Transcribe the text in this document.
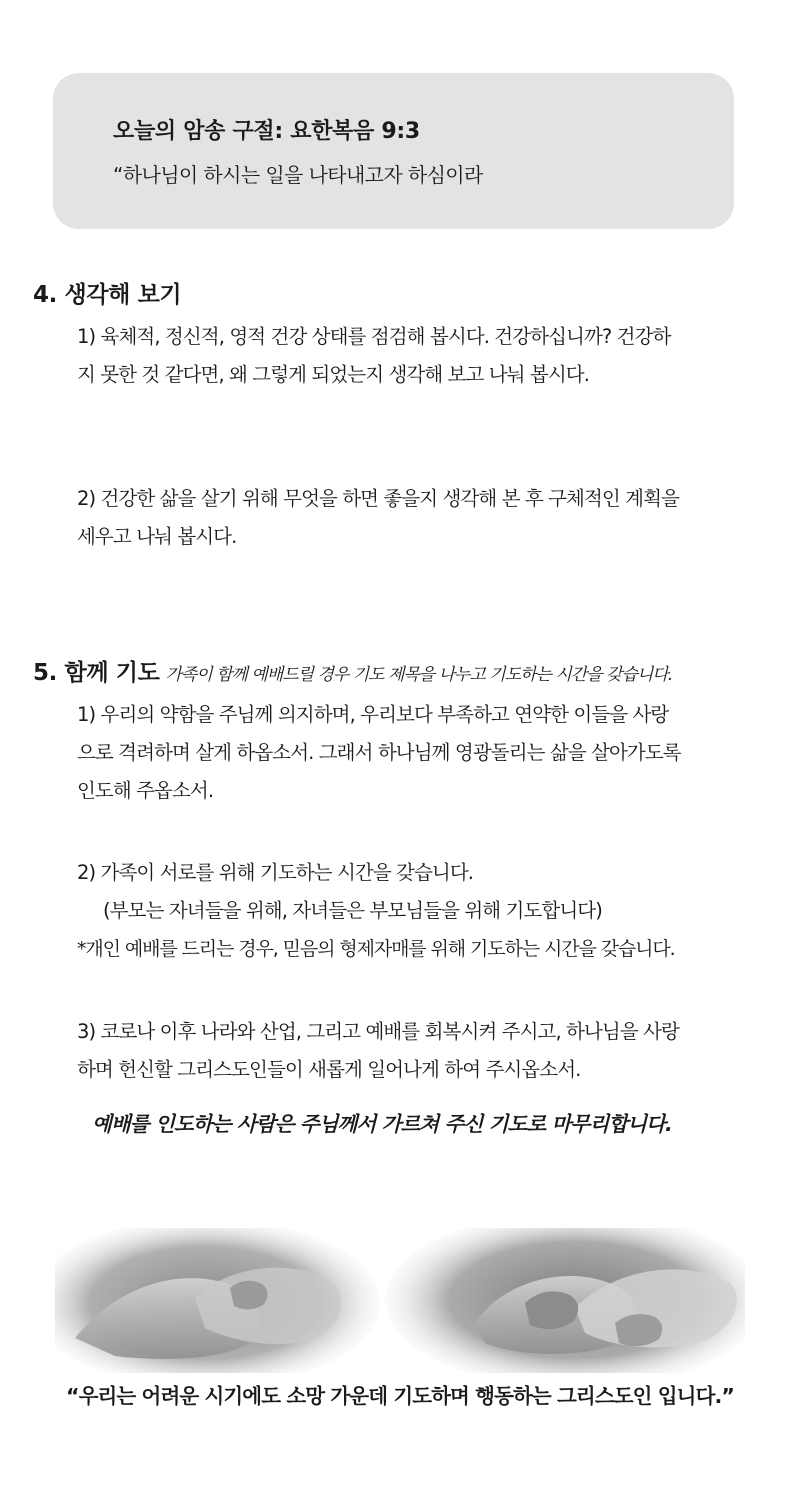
오늘의 암송 구절: 요한복음 9:3
“하나님이 하시는 일을 나타내고자 하심이라
4. 생각해 보기
1) 육체적, 정신적, 영적 건강 상태를 점검해 봅시다. 건강하십니까? 건강하
지 못한 것 같다면, 왜 그렇게 되었는지 생각해 보고 나눠 봅시다.
2) 건강한 삶을 살기 위해 무엇을 하면 좋을지 생각해 본 후 구체적인 계획을
세우고 나눠 봅시다.
5. 함께 기도 가족이 함께 예배드릴 경우 기도 제목을 나누고 기도하는 시간을 갖습니다.
1) 우리의 약함을 주님께 의지하며, 우리보다 부족하고 연약한 이들을 사랑
으로 격려하며 살게 하옵소서. 그래서 하나님께 영광돌리는 삶을 살아가도록
인도해 주옵소서.
2) 가족이 서로를 위해 기도하는 시간을 갖습니다.
(부모는 자녀들을 위해, 자녀들은 부모님들을 위해 기도합니다)
*개인 예배를 드리는 경우, 믿음의 형제자매를 위해 기도하는 시간을 갖습니다.
3) 코로나 이후 나라와 산업, 그리고 예배를 회복시켜 주시고, 하나님을 사랑
하며 헌신할 그리스도인들이 새롭게 일어나게 하여 주시옵소서.
예배를 인도하는 사람은 주님께서 가르쳐 주신 기도로 마무리합니다.
“우리는 어려운 시기에도 소망 가운데 기도하며 행동하는 그리스도인 입니다.”
